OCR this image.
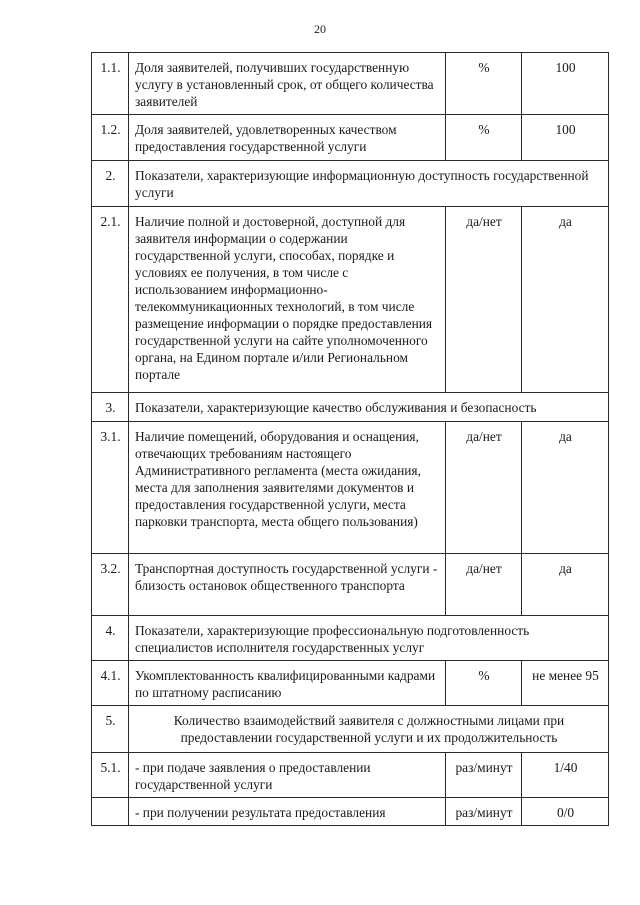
20
1.1.	Доля заявителей, получивших государственную услугу в установленный срок, от общего количества заявителей	%	100
1.2.	Доля заявителей, удовлетворенных качеством предоставления государственной услуги	%	100
2.	Показатели, характеризующие информационную доступность государственной услуги		
2.1.	Наличие полной и достоверной, доступной для заявителя информации о содержании государственной услуги, способах, порядке и условиях ее получения, в том числе с использованием информационно-телекоммуникационных технологий, в том числе размещение информации о порядке предоставления государственной услуги на сайте уполномоченного органа, на Едином портале и/или Региональном портале	да/нет	да
3.	Показатели, характеризующие качество обслуживания и безопасность		
3.1.	Наличие помещений, оборудования и оснащения, отвечающих требованиям настоящего Административного регламента (места ожидания, места для заполнения заявителями документов и предоставления государственной услуги, места парковки транспорта, места общего пользования)	да/нет	да
3.2.	Транспортная доступность государственной услуги - близость остановок общественного транспорта	да/нет	да
4.	Показатели, характеризующие профессиональную подготовленность специалистов исполнителя государственных услуг		
4.1.	Укомплектованность квалифицированными кадрами по штатному расписанию	%	не менее 95
5.	Количество взаимодействий заявителя с должностными лицами при предоставлении государственной услуги и их продолжительность		
5.1.	- при подаче заявления о предоставлении государственной услуги	раз/минут	1/40
	- при получении результата предоставления	раз/минут	0/0
